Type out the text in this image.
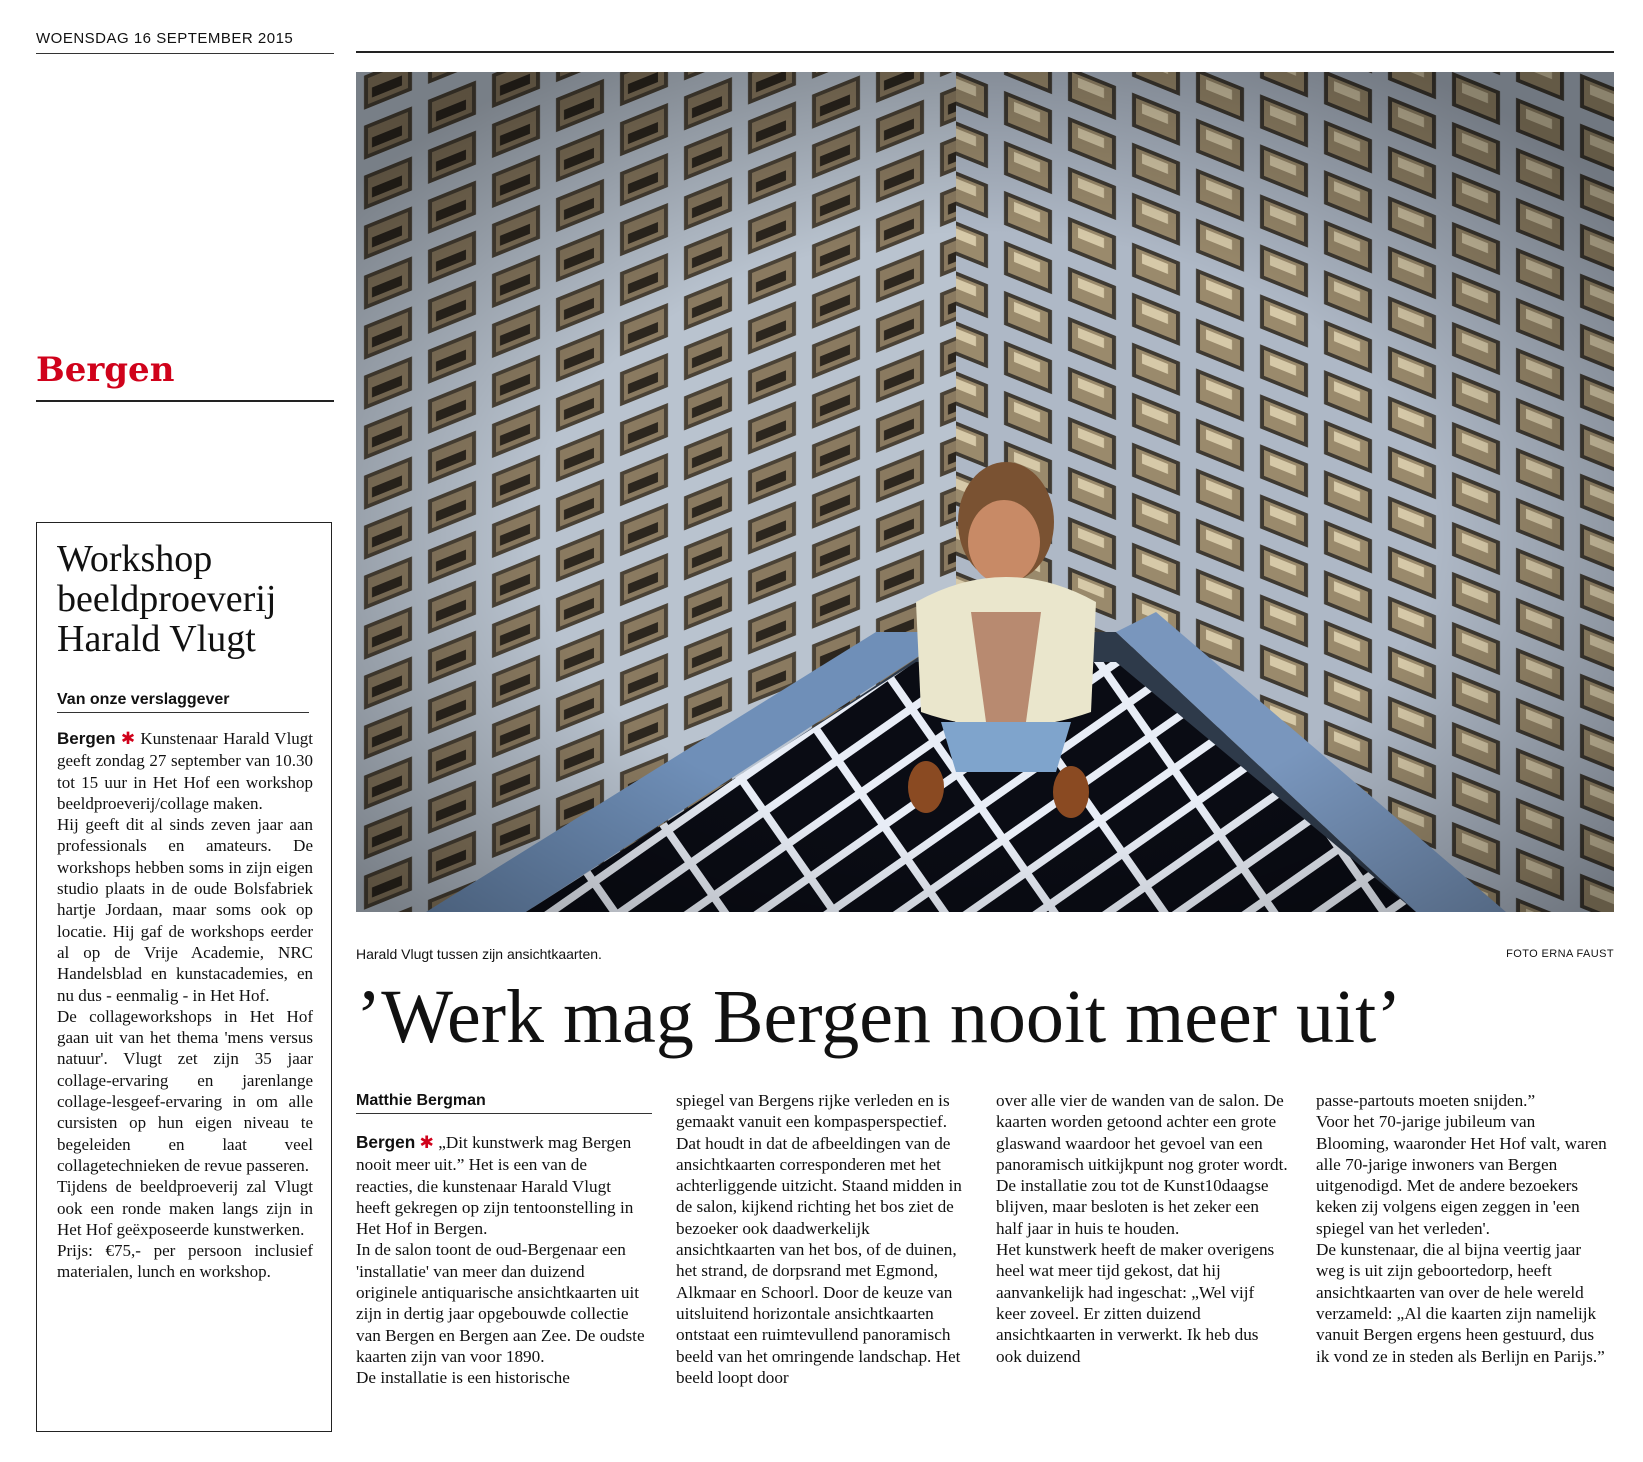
WOENSDAG 16 SEPTEMBER 2015
Bergen
Workshop beeldproeverij Harald Vlugt
Van onze verslaggever

Bergen ✱ Kunstenaar Harald Vlugt geeft zondag 27 september van 10.30 tot 15 uur in Het Hof een workshop beeldproeverij/collage maken.

Hij geeft dit al sinds zeven jaar aan professionals en amateurs. De workshops hebben soms in zijn eigen studio plaats in de oude Bolsfabriek hartje Jordaan, maar soms ook op locatie. Hij gaf de workshops eerder al op de Vrije Academie, NRC Handelsblad en kunstacademies, en nu dus - eenmalig - in Het Hof.

De collageworkshops in Het Hof gaan uit van het thema 'mens versus natuur'. Vlugt zet zijn 35 jaar collage-ervaring en jarenlange collage-lesgeef-ervaring in om alle cursisten op hun eigen niveau te begeleiden en laat veel collagetechnieken de revue passeren.

Tijdens de beeldproeverij zal Vlugt ook een ronde maken langs zijn in Het Hof geëxposeerde kunstwerken.

Prijs: €75,- per persoon inclusief materialen, lunch en workshop.

Harald Vlugt tussen zijn ansichtkaarten.	FOTO ERNA FAUST
’Werk mag Bergen nooit meer uit’
Matthie Bergman

Bergen ✱ „Dit kunstwerk mag Bergen nooit meer uit.” Het is een van de reacties, die kunstenaar Harald Vlugt heeft gekregen op zijn tentoonstelling in Het Hof in Bergen.

In de salon toont de oud-Bergenaar een 'installatie' van meer dan duizend originele antiquarische ansichtkaarten uit zijn in dertig jaar opgebouwde collectie van Bergen en Bergen aan Zee. De oudste kaarten zijn van voor 1890.

De installatie is een historische

spiegel van Bergens rijke verleden en is gemaakt vanuit een kompasperspectief. Dat houdt in dat de afbeeldingen van de ansichtkaarten corresponderen met het achterliggende uitzicht. Staand midden in de salon, kijkend richting het bos ziet de bezoeker ook daadwerkelijk ansichtkaarten van het bos, of de duinen, het strand, de dorpsrand met Egmond, Alkmaar en Schoorl. Door de keuze van uitsluitend horizontale ansichtkaarten ontstaat een ruimtevullend panoramisch beeld van het omringende landschap. Het beeld loopt door

over alle vier de wanden van de salon. De kaarten worden getoond achter een grote glaswand waardoor het gevoel van een panoramisch uitkijkpunt nog groter wordt.

De installatie zou tot de Kunst10daagse blijven, maar besloten is het zeker een half jaar in huis te houden.

Het kunstwerk heeft de maker overigens heel wat meer tijd gekost, dat hij aanvankelijk had ingeschat: „Wel vijf keer zoveel. Er zitten duizend ansichtkaarten in verwerkt. Ik heb dus ook duizend

passe-partouts moeten snijden.”

Voor het 70-jarige jubileum van Blooming, waaronder Het Hof valt, waren alle 70-jarige inwoners van Bergen uitgenodigd. Met de andere bezoekers keken zij volgens eigen zeggen in 'een spiegel van het verleden'.

De kunstenaar, die al bijna veertig jaar weg is uit zijn geboortedorp, heeft ansichtkaarten van over de hele wereld verzameld: „Al die kaarten zijn namelijk vanuit Bergen ergens heen gestuurd, dus ik vond ze in steden als Berlijn en Parijs.”
